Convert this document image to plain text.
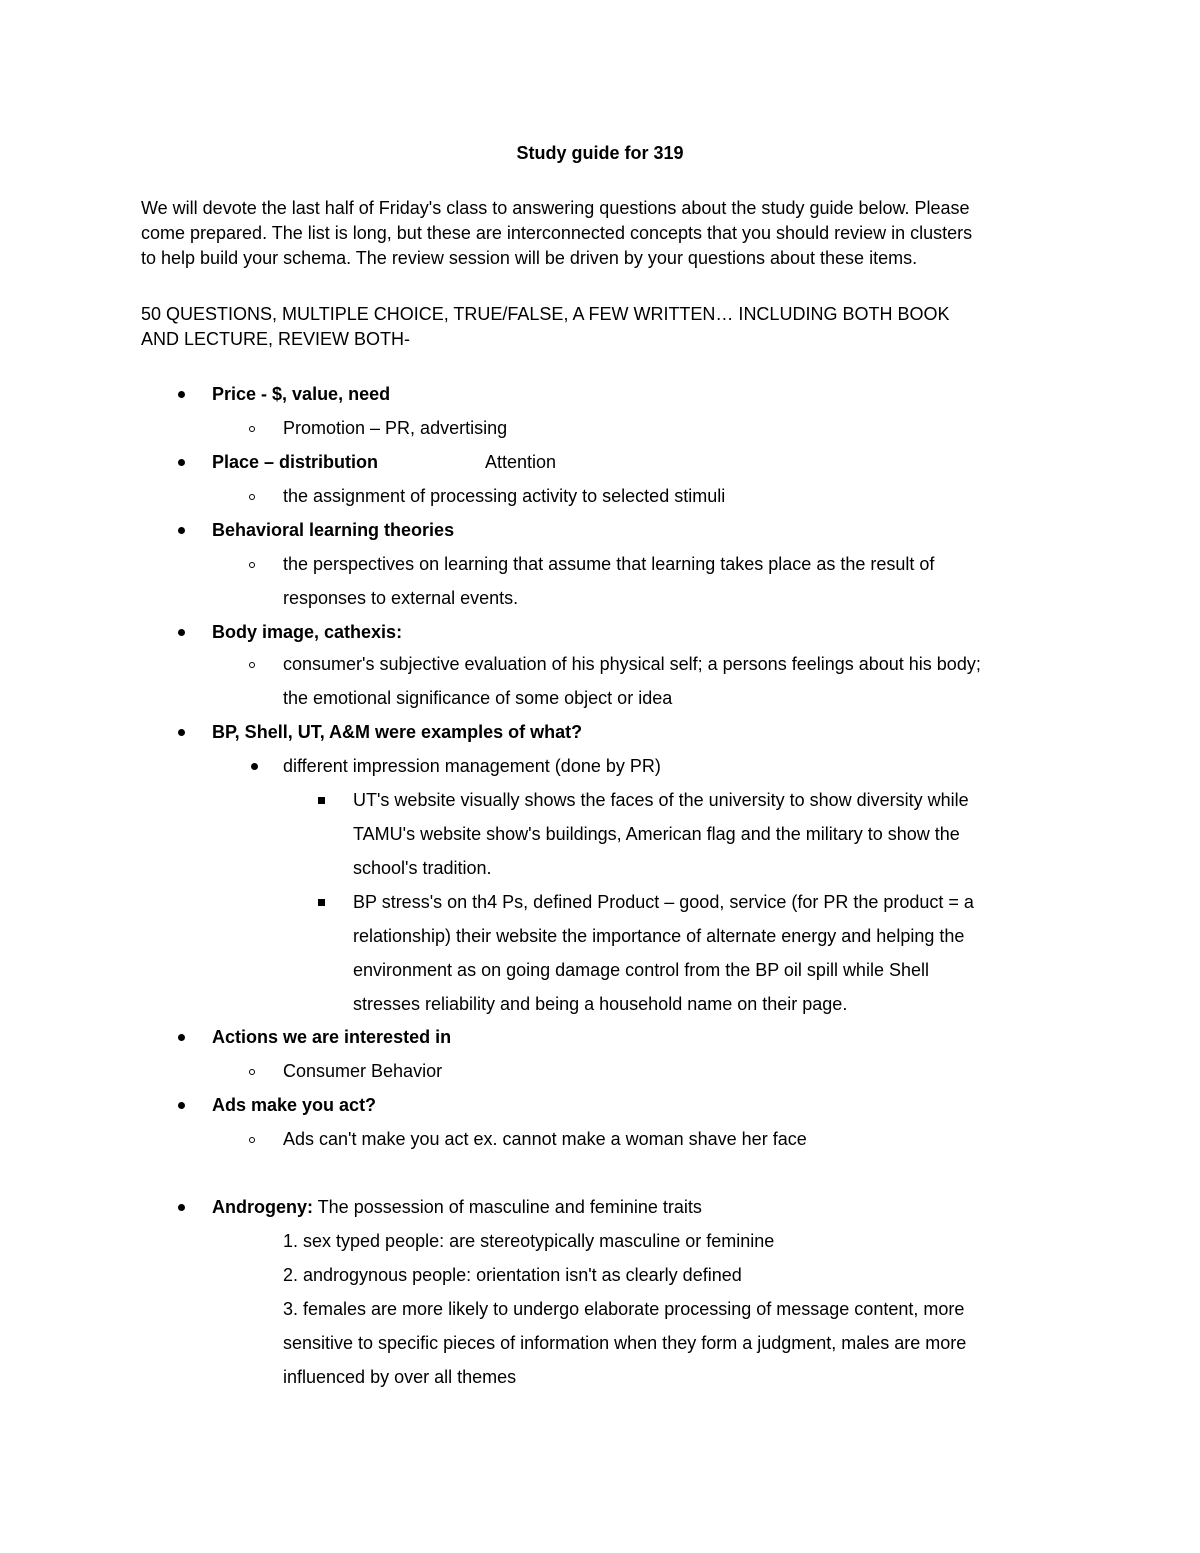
Study guide for 319
We will devote the last half of Friday's class to answering questions about the study guide below. Please
come prepared. The list is long, but these are interconnected concepts that you should review in clusters
to help build your schema. The review session will be driven by your questions about these items.
50 QUESTIONS, MULTIPLE CHOICE, TRUE/FALSE, A FEW WRITTEN… INCLUDING BOTH BOOK
AND LECTURE, REVIEW BOTH-
Price - $, value, need
Promotion – PR, advertising
Place – distribution	Attention
the assignment of processing activity to selected stimuli
Behavioral learning theories
the perspectives on learning that assume that learning takes place as the result of
responses to external events.
Body image, cathexis:
consumer's subjective evaluation of his physical self; a persons feelings about his body;
the emotional significance of some object or idea
BP, Shell, UT, A&M were examples of what?
different impression management (done by PR)
UT's website visually shows the faces of the university to show diversity while
TAMU's website show's buildings, American flag and the military to show the
school's tradition.
BP stress's on th4 Ps, defined Product – good, service (for PR the product = a
relationship) their website the importance of alternate energy and helping the
environment as on going damage control from the BP oil spill while Shell
stresses reliability and being a household name on their page.
Actions we are interested in
Consumer Behavior
Ads make you act?
Ads can't make you act ex. cannot make a woman shave her face
Androgeny: The possession of masculine and feminine traits
1. sex typed people: are stereotypically masculine or feminine
2. androgynous people: orientation isn't as clearly defined
3. females are more likely to undergo elaborate processing of message content, more
sensitive to specific pieces of information when they form a judgment, males are more
influenced by over all themes
